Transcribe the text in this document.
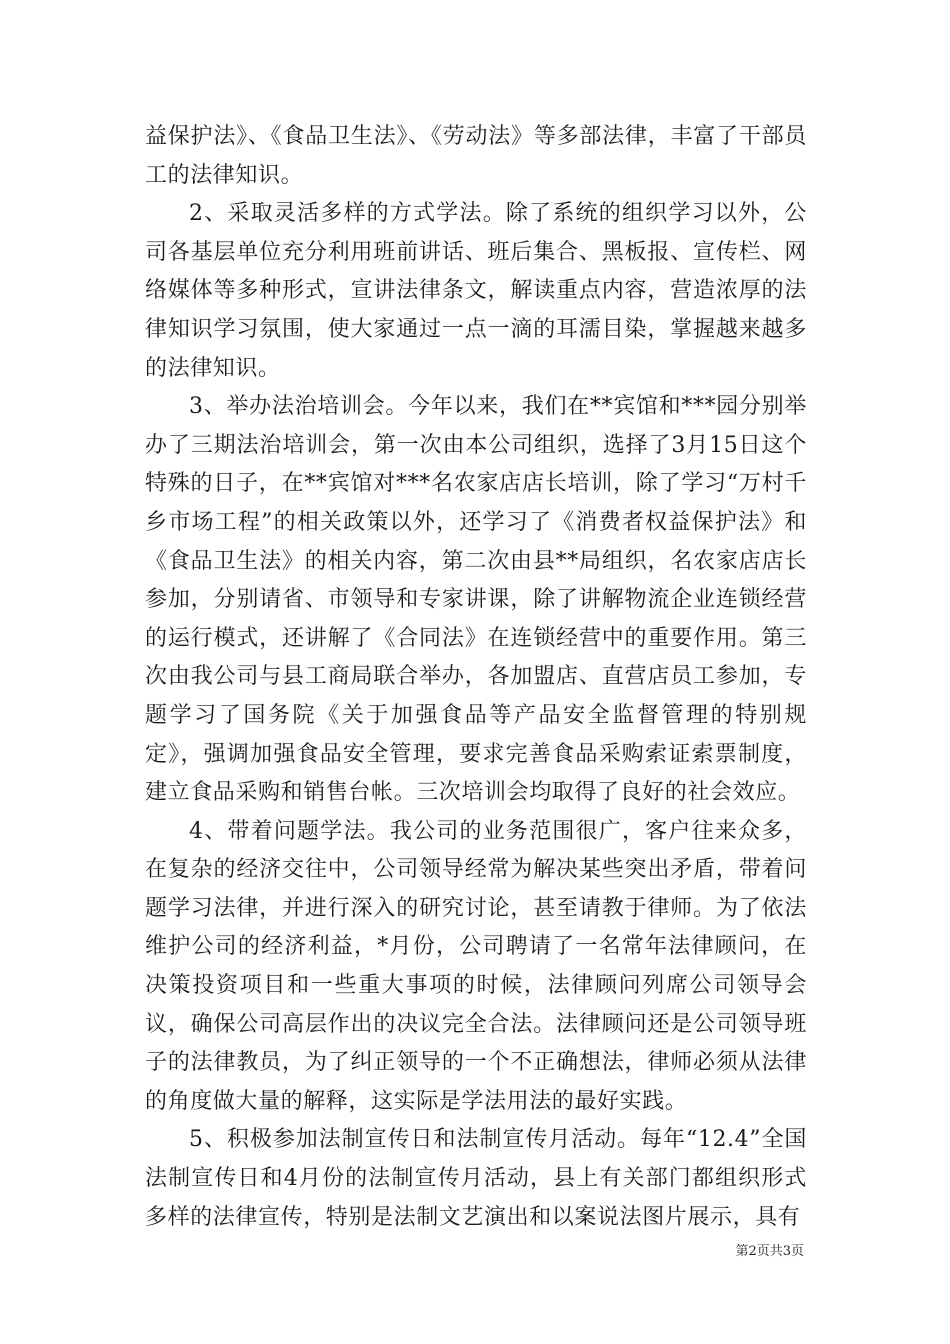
益保护法》、《食品卫生法》、《劳动法》等多部法律，丰富了干部员工的法律知识。

2、采取灵活多样的方式学法。除了系统的组织学习以外，公司各基层单位充分利用班前讲话、班后集合、黑板报、宣传栏、网络媒体等多种形式，宣讲法律条文，解读重点内容，营造浓厚的法律知识学习氛围，使大家通过一点一滴的耳濡目染，掌握越来越多的法律知识。

3、举办法治培训会。今年以来，我们在**宾馆和***园分别举办了三期法治培训会，第一次由本公司组织，选择了3月15日这个特殊的日子，在**宾馆对***名农家店店长培训，除了学习“万村千乡市场工程”的相关政策以外，还学习了《消费者权益保护法》和《食品卫生法》的相关内容，第二次由县**局组织，名农家店店长参加，分别请省、市领导和专家讲课，除了讲解物流企业连锁经营的运行模式，还讲解了《合同法》在连锁经营中的重要作用。第三次由我公司与县工商局联合举办，各加盟店、直营店员工参加，专题学习了国务院《关于加强食品等产品安全监督管理的特别规定》，强调加强食品安全管理，要求完善食品采购索证索票制度，建立食品采购和销售台帐。三次培训会均取得了良好的社会效应。

4、带着问题学法。我公司的业务范围很广，客户往来众多，在复杂的经济交往中，公司领导经常为解决某些突出矛盾，带着问题学习法律，并进行深入的研究讨论，甚至请教于律师。为了依法维护公司的经济利益，*月份，公司聘请了一名常年法律顾问，在决策投资项目和一些重大事项的时候，法律顾问列席公司领导会议，确保公司高层作出的决议完全合法。法律顾问还是公司领导班子的法律教员，为了纠正领导的一个不正确想法，律师必须从法律的角度做大量的解释，这实际是学法用法的最好实践。

5、积极参加法制宣传日和法制宣传月活动。每年“12.4”全国法制宣传日和4月份的法制宣传月活动，县上有关部门都组织形式多样的法律宣传，特别是法制文艺演出和以案说法图片展示，具有

第2页共3页
